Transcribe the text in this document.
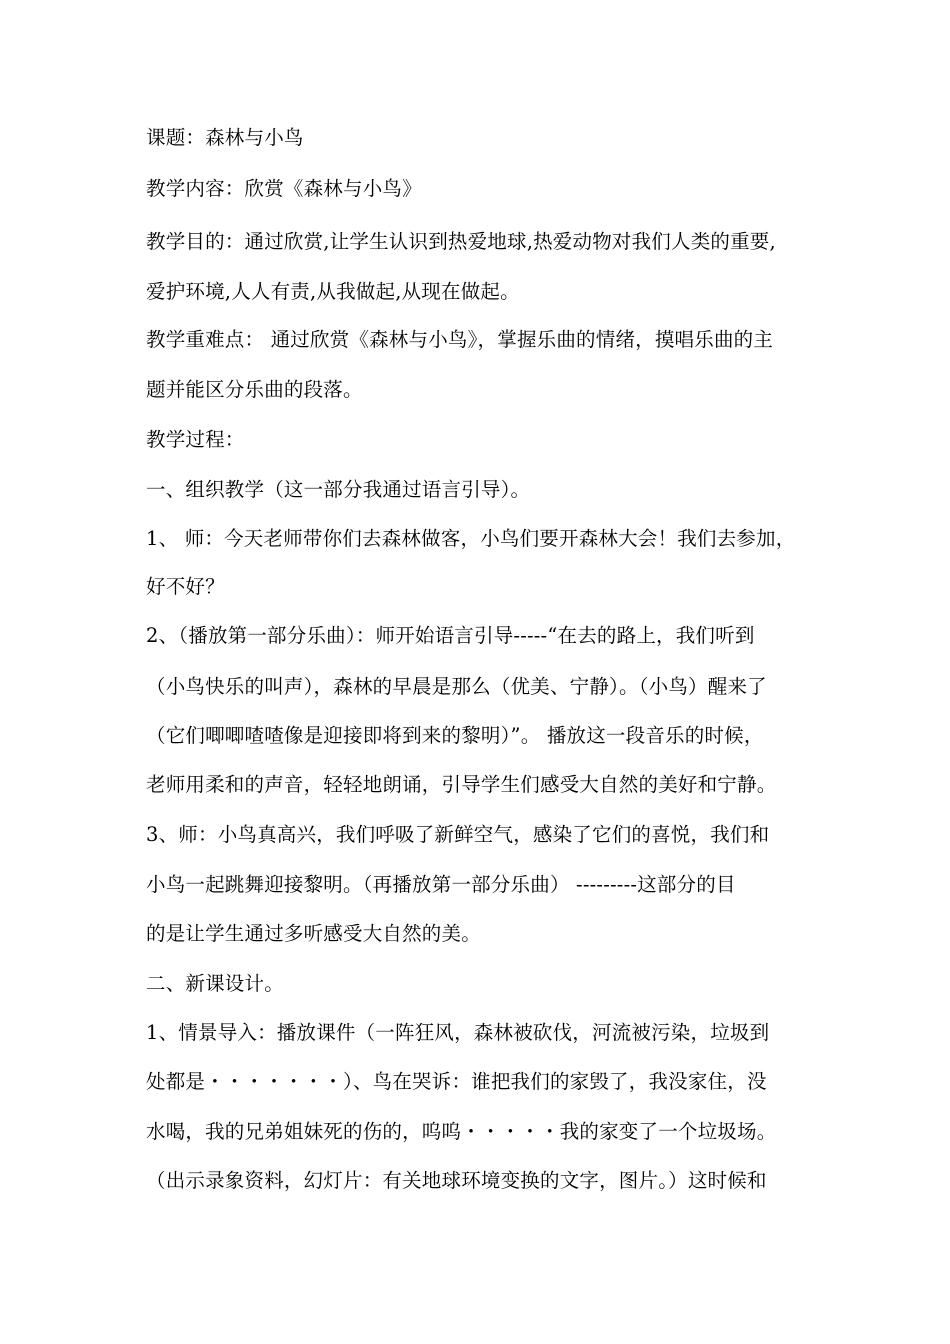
课题：森林与小鸟
教学内容：欣赏《森林与小鸟》
教学目的：通过欣赏,让学生认识到热爱地球,热爱动物对我们人类的重要,
爱护环境,人人有责,从我做起,从现在做起。
教学重难点： 通过欣赏《森林与小鸟》，掌握乐曲的情绪，摸唱乐曲的主
题并能区分乐曲的段落。
教学过程：
一、组织教学（这一部分我通过语言引导）。
1、 师：今天老师带你们去森林做客，小鸟们要开森林大会！我们去参加，
好不好？
2、（播放第一部分乐曲）：师开始语言引导-----“在去的路上，我们听到
（小鸟快乐的叫声），森林的早晨是那么（优美、宁静）。（小鸟）醒来了
（它们唧唧喳喳像是迎接即将到来的黎明）”。 播放这一段音乐的时候，
老师用柔和的声音，轻轻地朗诵，引导学生们感受大自然的美好和宁静。
3、师：小鸟真高兴，我们呼吸了新鲜空气，感染了它们的喜悦，我们和
小鸟一起跳舞迎接黎明。（再播放第一部分乐曲） ---------这部分的目
的是让学生通过多听感受大自然的美。
二、新课设计。
1、情景导入：播放课件（一阵狂风，森林被砍伐，河流被污染，垃圾到
处都是・・・・・・・）、鸟在哭诉：谁把我们的家毁了，我没家住，没
水喝，我的兄弟姐妹死的伤的，呜呜・・・・・我的家变了一个垃圾场。
（出示录象资料，幻灯片：有关地球环境变换的文字，图片。）这时候和
